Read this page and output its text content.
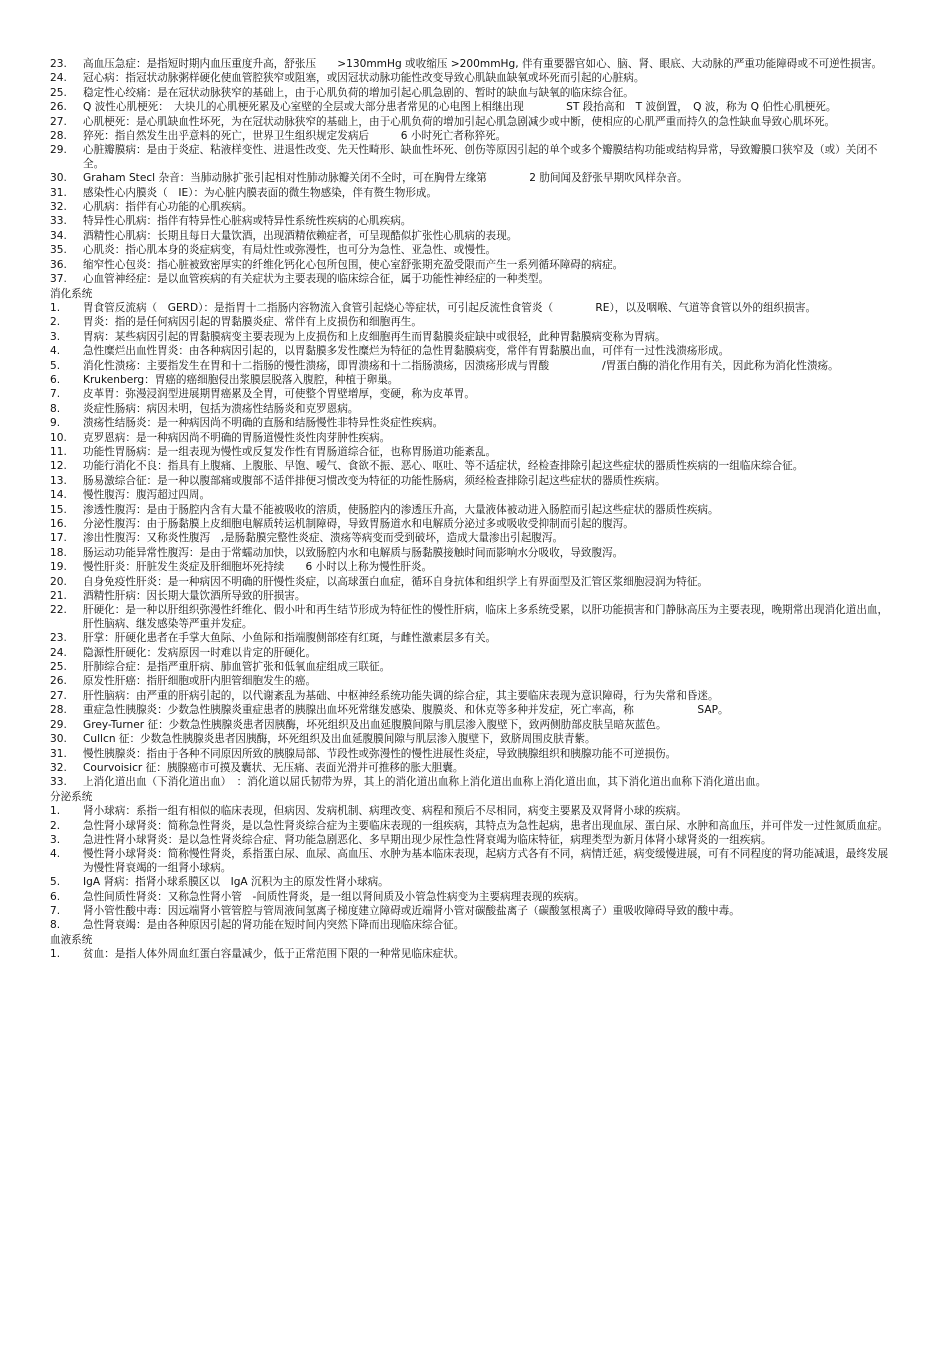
23.	高血压急症：是指短时期内血压重度升高，舒张压　　>130mmHg 或收缩压 >200mmHg, 伴有重要器官如心、脑、肾、眼底、大动脉的严重功能障碍或不可逆性损害。
24.	冠心病：指冠状动脉粥样硬化使血管腔狭窄或阻塞，或因冠状动脉功能性改变导致心肌缺血缺氧或坏死而引起的心脏病。
25.	稳定性心绞痛：是在冠状动脉狭窄的基础上，由于心肌负荷的增加引起心肌急剧的、暂时的缺血与缺氧的临床综合征。
26.	Q 波性心肌梗死：　大块儿的心肌梗死累及心室壁的全层或大部分患者常见的心电图上相继出现　　　　ST 段抬高和　T 波倒置，　Q 波，称为 Q 伯性心肌梗死。
27.	心肌梗死：是心肌缺血性坏死，为在冠状动脉狭窄的基础上，由于心肌负荷的增加引起心肌急剧减少或中断，使相应的心肌严重而持久的急性缺血导致心肌坏死。
28.	猝死：指自然发生出乎意料的死亡，世界卫生组织规定发病后　　　6 小时死亡者称猝死。
29.	心脏瓣膜病：是由于炎症、粘液样变性、进退性改变、先天性畸形、缺血性坏死、创伤等原因引起的单个或多个瓣膜结构功能或结构异常，导致瓣膜口狭窄及（或）关闭不全。
30.	Graham Stecl 杂音：当肺动脉扩张引起相对性肺动脉瓣关闭不全时，可在胸骨左缘第　　　　2 肋间闻及舒张早期吹风样杂音。
31.	感染性心内膜炎（　IE）：为心脏内膜表面的微生物感染，伴有赘生物形成。
32.	心肌病：指伴有心功能的心肌疾病。
33.	特异性心肌病：指伴有特异性心脏病或特异性系统性疾病的心肌疾病。
34.	酒精性心肌病：长期且每日大量饮酒，出现酒精依赖症者，可呈现酷似扩张性心肌病的表现。
35.	心肌炎：指心肌本身的炎症病变，有局灶性或弥漫性，也可分为急性、亚急性、或慢性。
36.	缩窄性心包炎：指心脏被致密厚实的纤维化钙化心包所包围，使心室舒张期充盈受限而产生一系列循环障碍的病症。
37.	心血管神经症：是以血管疾病的有关症状为主要表现的临床综合征，属于功能性神经症的一种类型。
消化系统
1.	胃食管反流病（　GERD）：是指胃十二指肠内容物流入食管引起烧心等症状，可引起反流性食管炎（　　　　RE），以及咽喉、气道等食管以外的组织损害。
2.	胃炎：指的是任何病因引起的胃黏膜炎症、常伴有上皮损伤和细胞再生。
3.	胃病：某些病因引起的胃黏膜病变主要表现为上皮损伤和上皮细胞再生而胃黏膜炎症缺中或很轻，此种胃黏膜病变称为胃病。
4.	急性糜烂出血性胃炎：由各种病因引起的，以胃黏膜多发性糜烂为特征的急性胃黏膜病变，常伴有胃黏膜出血，可伴有一过性浅溃疡形成。
5.	消化性溃疡：主要指发生在胃和十二指肠的慢性溃疡，即胃溃疡和十二指肠溃疡，因溃疡形成与胃酸　　　　　/胃蛋白酶的消化作用有关，因此称为消化性溃疡。
6.	Krukenberg：胃癌的癌细胞侵出浆膜层脱落入腹腔，种植于卵巢。
7.	皮革胃：弥漫浸润型进展期胃癌累及全胃，可使整个胃壁增厚，变硬，称为皮革胃。
8.	炎症性肠病：病因未明，包括为溃疡性结肠炎和克罗恩病。
9.	溃疡性结肠炎：是一种病因尚不明确的直肠和结肠慢性非特异性炎症性疾病。
10.	克罗恩病：是一种病因尚不明确的胃肠道慢性炎性肉芽肿性疾病。
11.	功能性胃肠病：是一组表现为慢性或反复发作性有胃肠道综合征，也称胃肠道功能紊乱。
12.	功能行消化不良：指具有上腹痛、上腹胀、早饱、嗳气、食欲不振、恶心、呕吐、等不适症状，经检查排除引起这些症状的器质性疾病的一组临床综合征。
13.	肠易激综合征：是一种以腹部痛或腹部不适伴排便习惯改变为特征的功能性肠病，须经检查排除引起这些症状的器质性疾病。
14.	慢性腹泻：腹泻超过四周。
15.	渗透性腹泻：是由于肠腔内含有大量不能被吸收的溶质，使肠腔内的渗透压升高，大量液体被动进入肠腔而引起这些症状的器质性疾病。
16.	分泌性腹泻：由于肠黏膜上皮细胞电解质转运机制障碍，导致胃肠道水和电解质分泌过多或吸收受抑制而引起的腹泻。
17.	渗出性腹泻：又称炎性腹泻　,是肠黏膜完整性炎症、溃疡等病变而受到破坏，造成大量渗出引起腹泻。
18.	肠运动功能异常性腹泻：是由于常蠕动加快，以致肠腔内水和电解质与肠黏膜接触时间而影响水分吸收，导致腹泻。
19.	慢性肝炎：肝脏发生炎症及肝细胞坏死持续　　6 小时以上称为慢性肝炎。
20.	自身免疫性肝炎：是一种病因不明确的肝慢性炎症，以高球蛋白血症，循环自身抗体和组织学上有界面型及汇管区浆细胞浸润为特征。
21.	酒精性肝病：因长期大量饮酒所导致的肝损害。
22.	肝硬化：是一种以肝组织弥漫性纤维化、假小叶和再生结节形成为特征性的慢性肝病，临床上多系统受累，以肝功能损害和门静脉高压为主要表现，晚期常出现消化道出血，肝性脑病、继发感染等严重并发症。
23.	肝掌：肝硬化患者在手掌大鱼际、小鱼际和指端腹侧部痊有红斑，与雌性激素层多有关。
24.	隐源性肝硬化：发病原因一时难以肯定的肝硬化。
25.	肝肺综合症：是指严重肝病、肺血管扩张和低氧血症组成三联征。
26.	原发性肝癌：指肝细胞或肝内胆管细胞发生的癌。
27.	肝性脑病：由严重的肝病引起的，以代谢紊乱为基础、中枢神经系统功能失调的综合症，其主要临床表现为意识障碍，行为失常和昏迷。
28.	重症急性胰腺炎：少数急性胰腺炎重症患者的胰腺出血坏死常继发感染、腹膜炎、和休克等多种并发症，死亡率高，称　　　　　　SAP。
29.	Grey-Turner 征：少数急性胰腺炎患者因胰酶，坏死组织及出血延腹膜间隙与肌层渗入腹壁下，致两侧肋部皮肤呈暗灰蓝色。
30.	Cullcn 征：少数急性胰腺炎患者因胰酶，坏死组织及出血延腹膜间隙与肌层渗入腹壁下，致脐周围皮肤青紫。
31.	慢性胰腺炎：指由于各种不同原因所致的胰腺局部、节段性或弥漫性的慢性进展性炎症，导致胰腺组织和胰腺功能不可逆损伤。
32.	Courvoisicr 征：胰腺癌市可摸及囊状、无压痛、表面光滑并可推移的胀大胆囊。
33.	上消化道出血（下消化道出血）　：消化道以屈氏韧带为界，其上的消化道出血称上消化道出血称上消化道出血，其下消化道出血称下消化道出血。
分泌系统
1.	肾小球病：系指一组有相似的临床表现，但病因、发病机制、病理改变、病程和预后不尽相同，病变主要累及双肾肾小球的疾病。
2.	急性肾小球肾炎：简称急性肾炎，是以急性肾炎综合症为主要临床表现的一组疾病，其特点为急性起病，患者出现血尿、蛋白尿、水肿和高血压，并可伴发一过性氮质血症。
3.	急进性肾小球肾炎：是以急性肾炎综合症、肾功能急剧恶化、多早期出现少尿性急性肾衰竭为临床特征，病理类型为新月体肾小球肾炎的一组疾病。
4.	慢性肾小球肾炎：简称慢性肾炎，系指蛋白尿、血尿、高血压、水肿为基本临床表现，起病方式各有不同，病情迁延，病变缓慢进展，可有不同程度的肾功能减退，最终发展为慢性肾衰竭的一组肾小球病。
5.	IgA 肾病：指肾小球系膜区以　IgA 沉积为主的原发性肾小球病。
6.	急性间质性肾炎：又称急性肾小管　-间质性肾炎，是一组以肾间质及小管急性病变为主要病理表现的疾病。
7.	肾小管性酸中毒：因远端肾小管管腔与管周液间氢离子梯度建立障碍或近端肾小管对碳酸盐离子（碳酸氢根离子）重吸收障碍导致的酸中毒。
8.	急性肾衰竭：是由各种原因引起的肾功能在短时间内突然下降而出现临床综合征。
血液系统
1.	贫血：是指人体外周血红蛋白容量减少，低于正常范围下限的一种常见临床症状。
